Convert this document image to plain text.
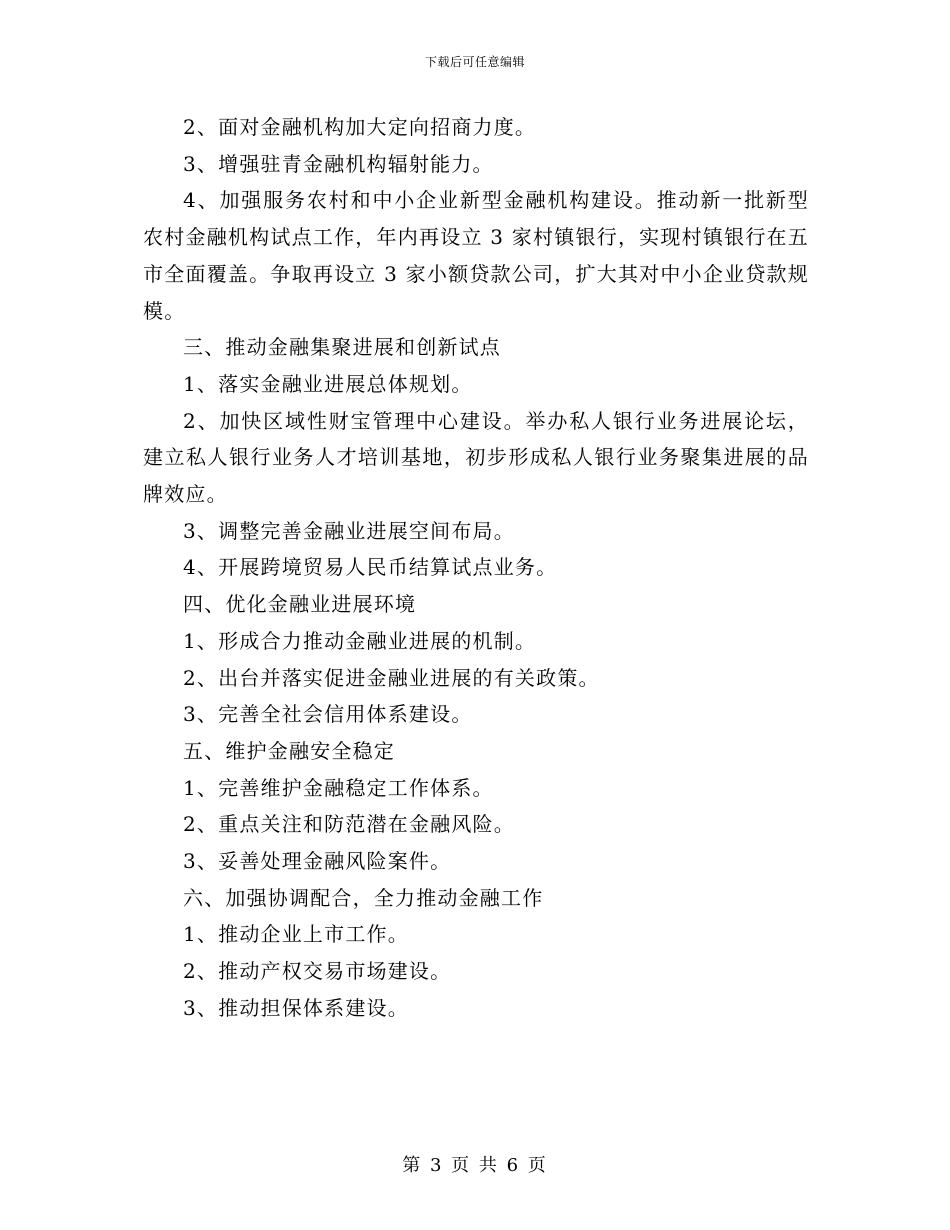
下载后可任意编辑

2、面对金融机构加大定向招商力度。

3、增强驻青金融机构辐射能力。

4、加强服务农村和中小企业新型金融机构建设。推动新一批新型农村金融机构试点工作，年内再设立 3 家村镇银行，实现村镇银行在五市全面覆盖。争取再设立 3 家小额贷款公司，扩大其对中小企业贷款规模。

三、推动金融集聚进展和创新试点

1、落实金融业进展总体规划。

2、加快区域性财宝管理中心建设。举办私人银行业务进展论坛，建立私人银行业务人才培训基地，初步形成私人银行业务聚集进展的品牌效应。

3、调整完善金融业进展空间布局。

4、开展跨境贸易人民币结算试点业务。

四、优化金融业进展环境

1、形成合力推动金融业进展的机制。

2、出台并落实促进金融业进展的有关政策。

3、完善全社会信用体系建设。

五、维护金融安全稳定

1、完善维护金融稳定工作体系。

2、重点关注和防范潜在金融风险。

3、妥善处理金融风险案件。

六、加强协调配合，全力推动金融工作

1、推动企业上市工作。

2、推动产权交易市场建设。

3、推动担保体系建设。

第 3 页 共 6 页
